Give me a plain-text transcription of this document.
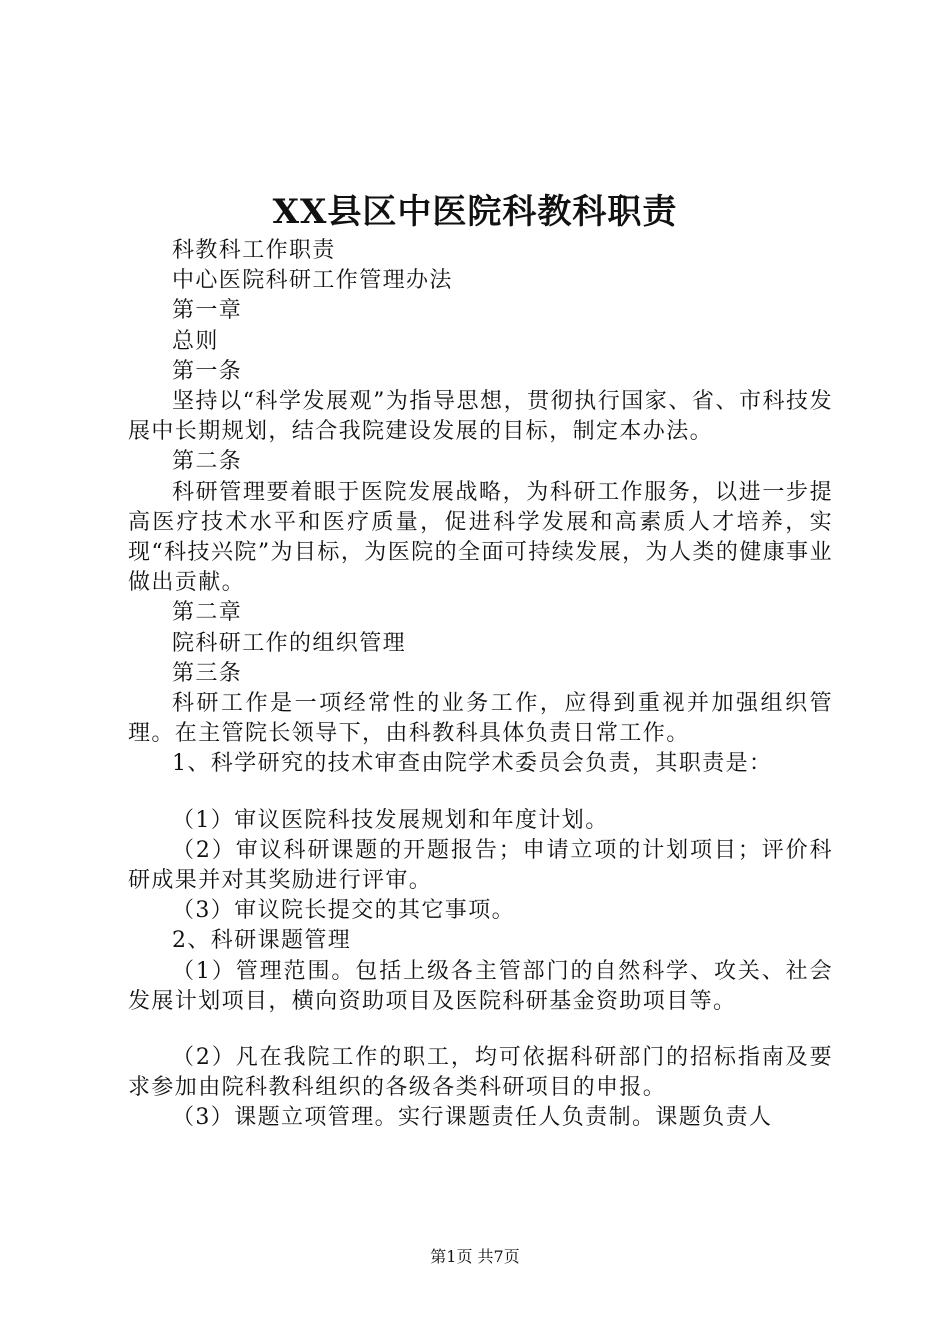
XX县区中医院科教科职责

科教科工作职责

中心医院科研工作管理办法

第一章

总则

第一条

坚持以“科学发展观”为指导思想，贯彻执行国家、省、市科技发展中长期规划，结合我院建设发展的目标，制定本办法。

第二条

科研管理要着眼于医院发展战略，为科研工作服务，以进一步提高医疗技术水平和医疗质量，促进科学发展和高素质人才培养，实现“科技兴院”为目标，为医院的全面可持续发展，为人类的健康事业做出贡献。

第二章

院科研工作的组织管理

第三条

科研工作是一项经常性的业务工作，应得到重视并加强组织管理。在主管院长领导下，由科教科具体负责日常工作。

1、科学研究的技术审查由院学术委员会负责，其职责是：

（1）审议医院科技发展规划和年度计划。

（2）审议科研课题的开题报告；申请立项的计划项目；评价科研成果并对其奖励进行评审。

（3）审议院长提交的其它事项。

2、科研课题管理

（1）管理范围。包括上级各主管部门的自然科学、攻关、社会发展计划项目，横向资助项目及医院科研基金资助项目等。

（2）凡在我院工作的职工，均可依据科研部门的招标指南及要求参加由院科教科组织的各级各类科研项目的申报。

（3）课题立项管理。实行课题责任人负责制。课题负责人

第1页 共7页
